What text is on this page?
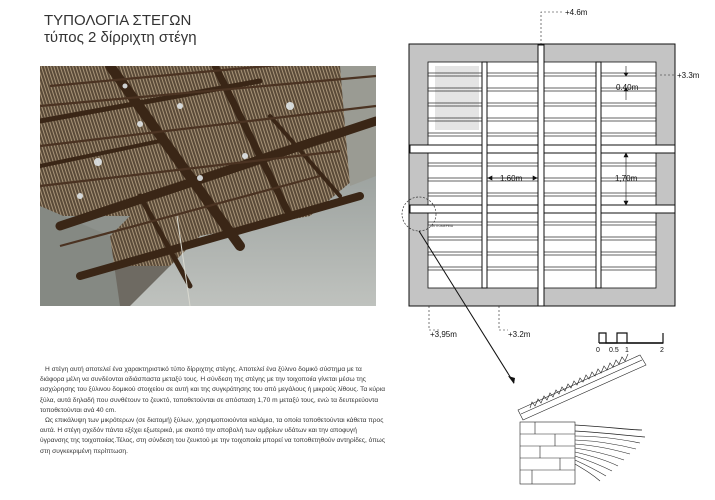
ΤΥΠΟΛΟΓΙΑ ΣΤΕΓΩΝ
τύπος 2 δίρριχτη στέγη
+4.6m
+3.3m
0.40m
1.60m	1,70m
ΛΕΠΤΟΜΕΡΕΙΑ
+3,95m	+3.2m
0 0.5 1	2

Η στέγη αυτή αποτελεί ένα χαρακτηριστικό τύπο δίρριχτης στέγης. Αποτελεί ένα ξύλινο δομικό σύστημα με τα διάφορα μέλη να συνδέονται αδιάσπαστα μεταξύ τους. Η σύνδεση της στέγης με την τοιχοποιία γίνεται μέσω της εισχώρησης του ξύλινου δομικού στοιχείου σε αυτή και της συγκράτησης του από μεγάλους ή μικρούς λίθους. Τα κύρια ξύλα, αυτά δηλαδή που συνθέτουν το ζευκτό, τοποθετούνται σε απόσταση 1,70 m μεταξύ τους, ενώ τα δευτερεύοντα τοποθετούνται ανά 40 cm.

Ως επικάλυψη των μικρότερων (σε διατομή) ξύλων, χρησιμοποιούνται καλάμια, τα οποία τοποθετούνται κάθετα προς αυτά. Η στέγη σχεδόν πάντα εξέχει εξωτερικά, με σκοπό την αποβολή των ομβρίων υδάτων και την αποφυγή ύγρανσης της τοιχοποιίας.Τέλος, στη σύνδεση του ζευκτού με την τοιχοποιία μπορεί να τοποθετηθούν αντηρίδες, όπως στη συγκεκριμένη περίπτωση.
